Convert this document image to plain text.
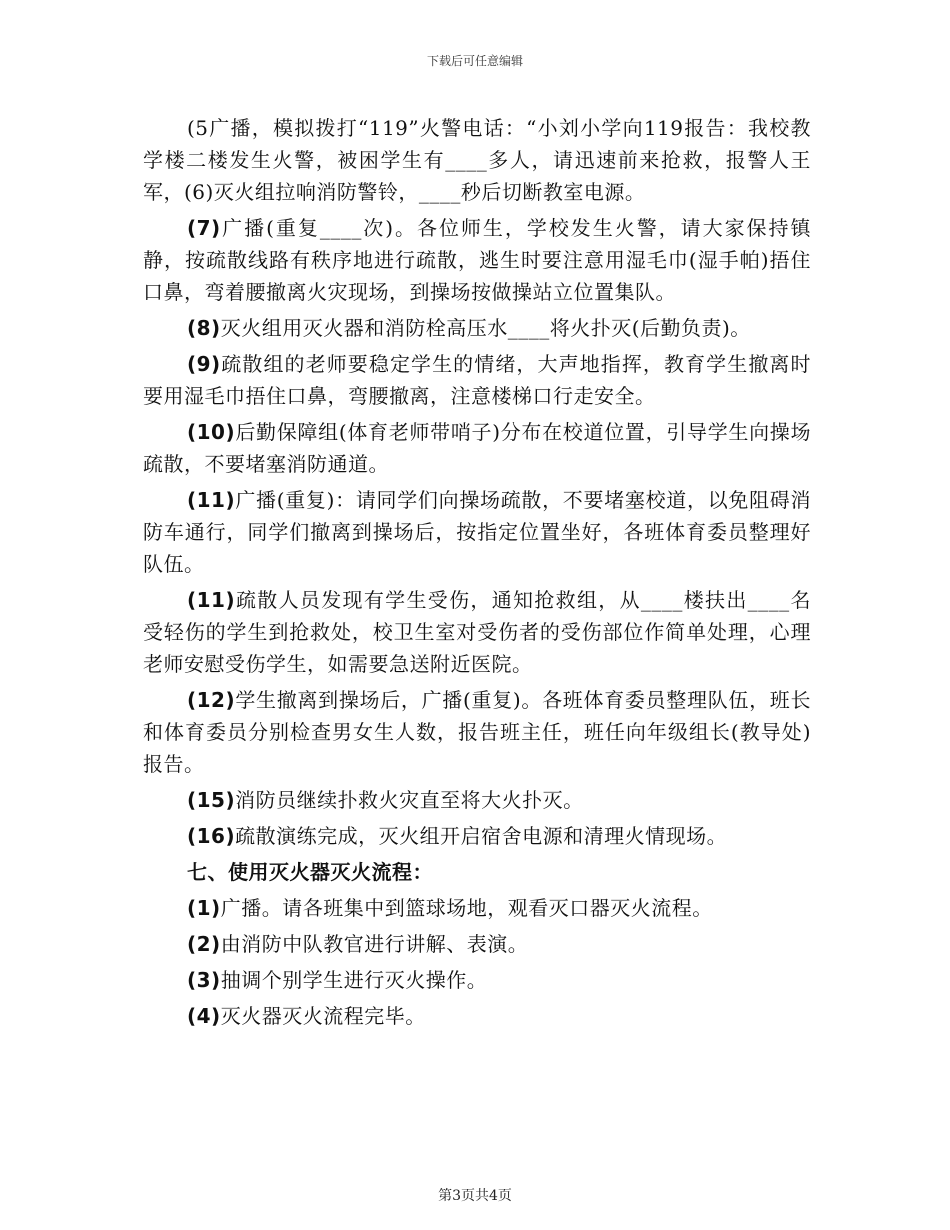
下载后可任意编辑

(5广播，模拟拨打“119”火警电话：“小刘小学向119报告：我校教学楼二楼发生火警，被困学生有____多人，请迅速前来抢救，报警人王军，(6)灭火组拉响消防警铃，____秒后切断教室电源。

(7)广播(重复____次)。各位师生，学校发生火警，请大家保持镇静，按疏散线路有秩序地进行疏散，逃生时要注意用湿毛巾(湿手帕)捂住口鼻，弯着腰撤离火灾现场，到操场按做操站立位置集队。

(8)灭火组用灭火器和消防栓高压水____将火扑灭(后勤负责)。

(9)疏散组的老师要稳定学生的情绪，大声地指挥，教育学生撤离时要用湿毛巾捂住口鼻，弯腰撤离，注意楼梯口行走安全。

(10)后勤保障组(体育老师带哨子)分布在校道位置，引导学生向操场疏散，不要堵塞消防通道。

(11)广播(重复)：请同学们向操场疏散，不要堵塞校道，以免阻碍消防车通行，同学们撤离到操场后，按指定位置坐好，各班体育委员整理好队伍。

(11)疏散人员发现有学生受伤，通知抢救组，从____楼扶出____名受轻伤的学生到抢救处，校卫生室对受伤者的受伤部位作简单处理，心理老师安慰受伤学生，如需要急送附近医院。

(12)学生撤离到操场后，广播(重复)。各班体育委员整理队伍，班长和体育委员分别检查男女生人数，报告班主任，班任向年级组长(教导处)报告。

(15)消防员继续扑救火灾直至将大火扑灭。

(16)疏散演练完成，灭火组开启宿舍电源和清理火情现场。

七、使用灭火器灭火流程：

(1)广播。请各班集中到篮球场地，观看灭口器灭火流程。

(2)由消防中队教官进行讲解、表演。

(3)抽调个别学生进行灭火操作。

(4)灭火器灭火流程完毕。

第3页共4页
